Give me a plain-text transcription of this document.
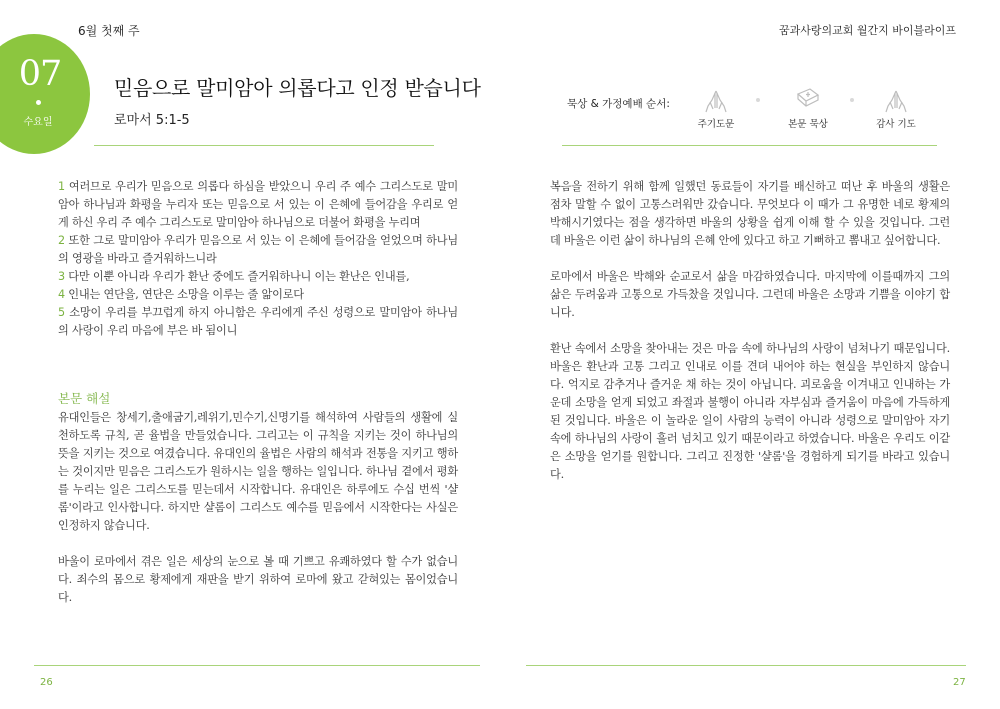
6월 첫째 주	꿈과사랑의교회 월간지 바이블라이프
07
수요일
믿음으로 말미암아 의롭다고 인정 받습니다
로마서 5:1-5
묵상 & 가정예배 순서:
주기도문	본문 묵상	감사 기도

1 여러므로 우리가 믿음으로 의롭다 하심을 받았으니 우리 주 예수 그리스도로 말미암아 하나님과 화평을 누리자 또는 믿음으로 서 있는 이 은혜에 들어감을 우리로 얻게 하신 우리 주 예수 그리스도로 말미암아 하나님으로 더불어 화평을 누리며

2 또한 그로 말미암아 우리가 믿음으로 서 있는 이 은혜에 들어감을 얻었으며 하나님의 영광을 바라고 즐거워하느니라

3 다만 이뿐 아니라 우리가 환난 중에도 즐거워하나니 이는 환난은 인내를,

4 인내는 연단을, 연단은 소망을 이루는 줄 앎이로다

5 소망이 우리를 부끄럽게 하지 아니함은 우리에게 주신 성령으로 말미암아 하나님의 사랑이 우리 마음에 부은 바 됨이니

본문 해설

유대인들은 창세기,출애굽기,레위기,민수기,신명기를 해석하여 사람들의 생활에 실천하도록 규칙, 곧 율법을 만들었습니다. 그리고는 이 규칙을 지키는 것이 하나님의 뜻을 지키는 것으로 여겼습니다. 유대인의 율법은 사람의 해석과 전통을 지키고 행하는 것이지만 믿음은 그리스도가 원하시는 일을 행하는 일입니다. 하나님 곁에서 평화를 누리는 일은 그리스도를 믿는데서 시작합니다. 유대인은 하루에도 수십 번씩 '샬롬'이라고 인사합니다. 하지만 샬롬이 그리스도 예수를 믿음에서 시작한다는 사실은 인정하지 않습니다.

바울이 로마에서 겪은 일은 세상의 눈으로 볼 때 기쁘고 유쾌하였다 할 수가 없습니다. 죄수의 몸으로 황제에게 재판을 받기 위하여 로마에 왔고 갇혀있는 몸이었습니다.

복음을 전하기 위해 함께 일했던 동료들이 자기를 배신하고 떠난 후 바울의 생활은 점차 말할 수 없이 고통스러워만 갔습니다. 무엇보다 이 때가 그 유명한 네로 황제의 박해시기였다는 점을 생각하면 바울의 상황을 쉽게 이해 할 수 있을 것입니다. 그런데 바울은 이런 삶이 하나님의 은혜 안에 있다고 하고 기뻐하고 뽐내고 싶어합니다.

로마에서 바울은 박해와 순교로서 삶을 마감하였습니다. 마지막에 이를때까지 그의 삶은 두려움과 고통으로 가득찼을 것입니다. 그런데 바울은 소망과 기쁨을 이야기 합니다.

환난 속에서 소망을 찾아내는 것은 마음 속에 하나님의 사랑이 넘쳐나기 때문입니다. 바울은 환난과 고통 그리고 인내로 이를 견뎌 내어야 하는 현실을 부인하지 않습니다. 억지로 감추거나 즐거운 채 하는 것이 아닙니다. 괴로움을 이겨내고 인내하는 가운데 소망을 얻게 되었고 좌절과 불행이 아니라 자부심과 즐거움이 마음에 가득하게 된 것입니다. 바울은 이 놀라운 일이 사람의 능력이 아니라 성령으로 말미암아 자기 속에 하나님의 사랑이 흘러 넘치고 있기 때문이라고 하였습니다. 바울은 우리도 이같은 소망을 얻기를 원합니다. 그리고 진정한 '샬롬'을 경험하게 되기를 바라고 있습니다.

26	27
